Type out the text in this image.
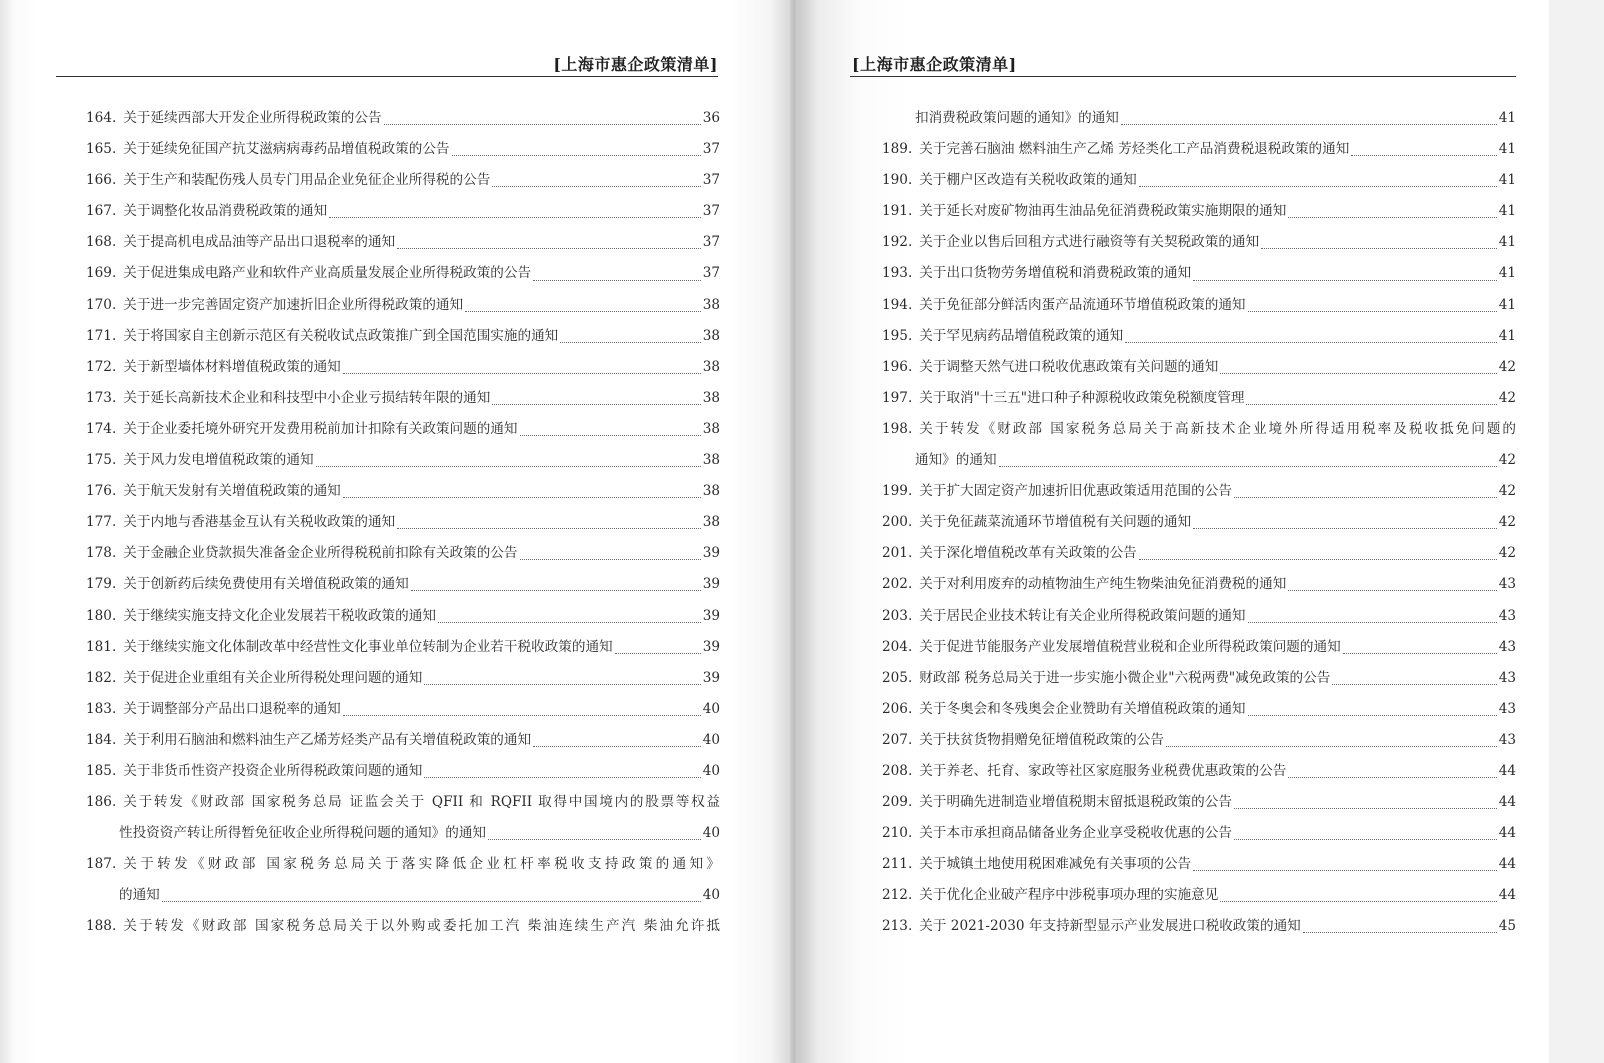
[上海市惠企政策清单]
164. 关于延续西部大开发企业所得税政策的公告	36
165. 关于延续免征国产抗艾滋病病毒药品增值税政策的公告	37
166. 关于生产和装配伤残人员专门用品企业免征企业所得税的公告	37
167. 关于调整化妆品消费税政策的通知	37
168. 关于提高机电成品油等产品出口退税率的通知	37
169. 关于促进集成电路产业和软件产业高质量发展企业所得税政策的公告	37
170. 关于进一步完善固定资产加速折旧企业所得税政策的通知	38
171. 关于将国家自主创新示范区有关税收试点政策推广到全国范围实施的通知	38
172. 关于新型墙体材料增值税政策的通知	38
173. 关于延长高新技术企业和科技型中小企业亏损结转年限的通知	38
174. 关于企业委托境外研究开发费用税前加计扣除有关政策问题的通知	38
175. 关于风力发电增值税政策的通知	38
176. 关于航天发射有关增值税政策的通知	38
177. 关于内地与香港基金互认有关税收政策的通知	38
178. 关于金融企业贷款损失准备金企业所得税税前扣除有关政策的公告	39
179. 关于创新药后续免费使用有关增值税政策的通知	39
180. 关于继续实施支持文化企业发展若干税收政策的通知	39
181. 关于继续实施文化体制改革中经营性文化事业单位转制为企业若干税收政策的通知	39
182. 关于促进企业重组有关企业所得税处理问题的通知	39
183. 关于调整部分产品出口退税率的通知	40
184. 关于利用石脑油和燃料油生产乙烯芳烃类产品有关增值税政策的通知	40
185. 关于非货币性资产投资企业所得税政策问题的通知	40
186. 关于转发《财政部 国家税务总局 证监会关于 QFII 和 RQFII 取得中国境内的股票等权益
性投资资产转让所得暂免征收企业所得税问题的通知》的通知	40
187. 关于转发《财政部 国家税务总局关于落实降低企业杠杆率税收支持政策的通知》
的通知	40
188. 关于转发《财政部 国家税务总局关于以外购或委托加工汽 柴油连续生产汽 柴油允许抵
[上海市惠企政策清单]
扣消费税政策问题的通知》的通知	41
189. 关于完善石脑油 燃料油生产乙烯 芳烃类化工产品消费税退税政策的通知	41
190. 关于棚户区改造有关税收政策的通知	41
191. 关于延长对废矿物油再生油品免征消费税政策实施期限的通知	41
192. 关于企业以售后回租方式进行融资等有关契税政策的通知	41
193. 关于出口货物劳务增值税和消费税政策的通知	41
194. 关于免征部分鲜活肉蛋产品流通环节增值税政策的通知	41
195. 关于罕见病药品增值税政策的通知	41
196. 关于调整天然气进口税收优惠政策有关问题的通知	42
197. 关于取消"十三五"进口种子种源税收政策免税额度管理	42
198. 关于转发《财政部 国家税务总局关于高新技术企业境外所得适用税率及税收抵免问题的
通知》的通知	42
199. 关于扩大固定资产加速折旧优惠政策适用范围的公告	42
200. 关于免征蔬菜流通环节增值税有关问题的通知	42
201. 关于深化增值税改革有关政策的公告	42
202. 关于对利用废弃的动植物油生产纯生物柴油免征消费税的通知	43
203. 关于居民企业技术转让有关企业所得税政策问题的通知	43
204. 关于促进节能服务产业发展增值税营业税和企业所得税政策问题的通知	43
205. 财政部 税务总局关于进一步实施小微企业"六税两费"减免政策的公告	43
206. 关于冬奥会和冬残奥会企业赞助有关增值税政策的通知	43
207. 关于扶贫货物捐赠免征增值税政策的公告	43
208. 关于养老、托育、家政等社区家庭服务业税费优惠政策的公告	44
209. 关于明确先进制造业增值税期末留抵退税政策的公告	44
210. 关于本市承担商品储备业务企业享受税收优惠的公告	44
211. 关于城镇土地使用税困难减免有关事项的公告	44
212. 关于优化企业破产程序中涉税事项办理的实施意见	44
213. 关于 2021-2030 年支持新型显示产业发展进口税收政策的通知	45
